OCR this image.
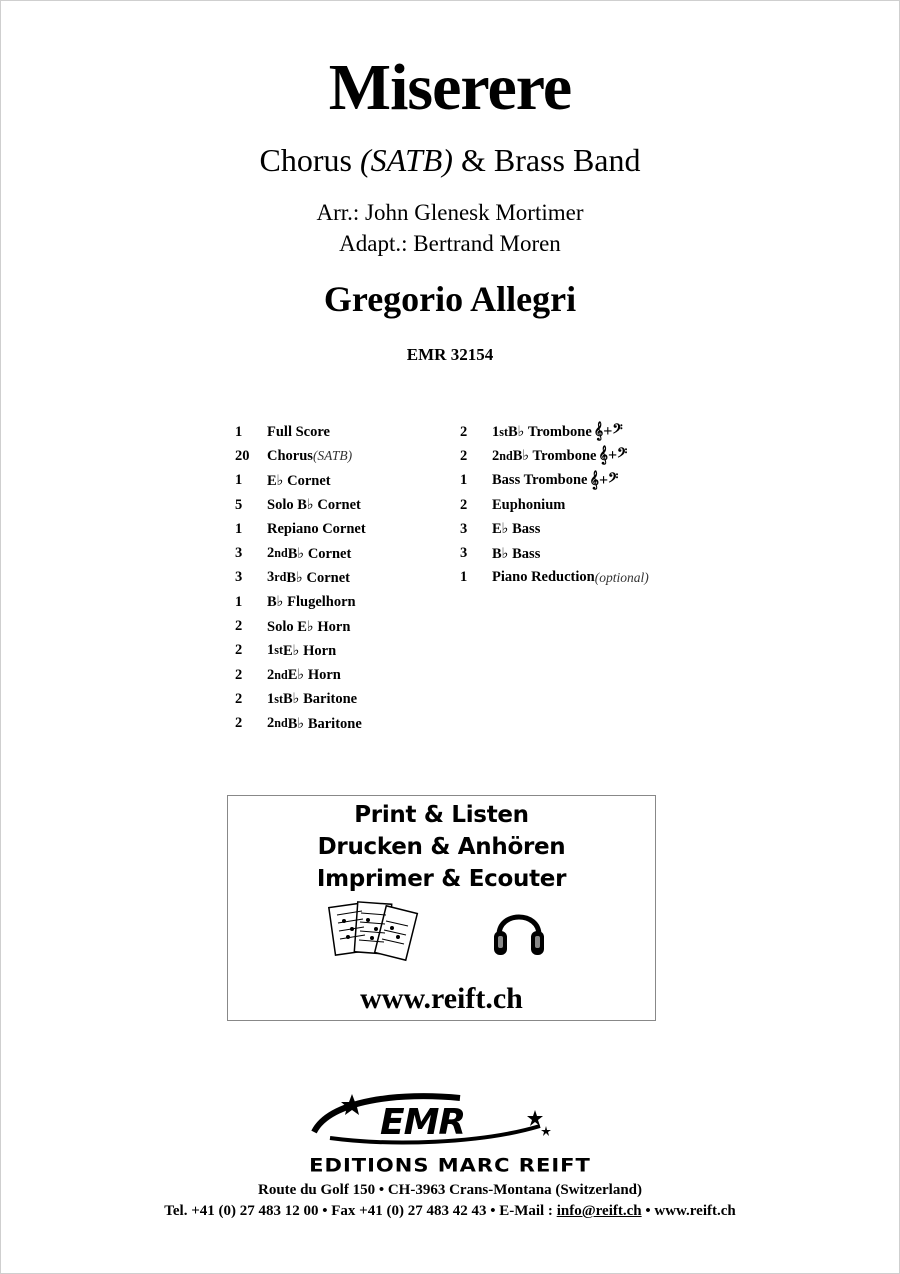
Miserere
Chorus (SATB) & Brass Band
Arr.: John Glenesk Mortimer
Adapt.: Bertrand Moren
Gregorio Allegri
EMR 32154
1	Full Score
20	Chorus (SATB)
1	E♭ Cornet
5	Solo B♭ Cornet
1	Repiano Cornet
3	2 nd B♭ Cornet
3	3 rd B♭ Cornet
1	B♭ Flugelhorn
2	Solo E♭ Horn
2	1 st E♭ Horn
2	2 nd E♭ Horn
2	1 st B♭ Baritone
2	2 nd B♭ Baritone
2	1 st B♭ Trombone 𝄞+𝄢
2	2 nd B♭ Trombone 𝄞+𝄢
1	Bass Trombone 𝄞+𝄢
2	Euphonium
3	E♭ Bass
3	B♭ Bass
1	Piano Reduction (optional)
Print & Listen
Drucken & Anhören
Imprimer & Ecouter
www.reift.ch
EMR
EDITIONS MARC REIFT
Route du Golf 150 • CH-3963 Crans-Montana (Switzerland)
Tel. +41 (0) 27 483 12 00 • Fax +41 (0) 27 483 42 43 • E-Mail : info@reift.ch • www.reift.ch
